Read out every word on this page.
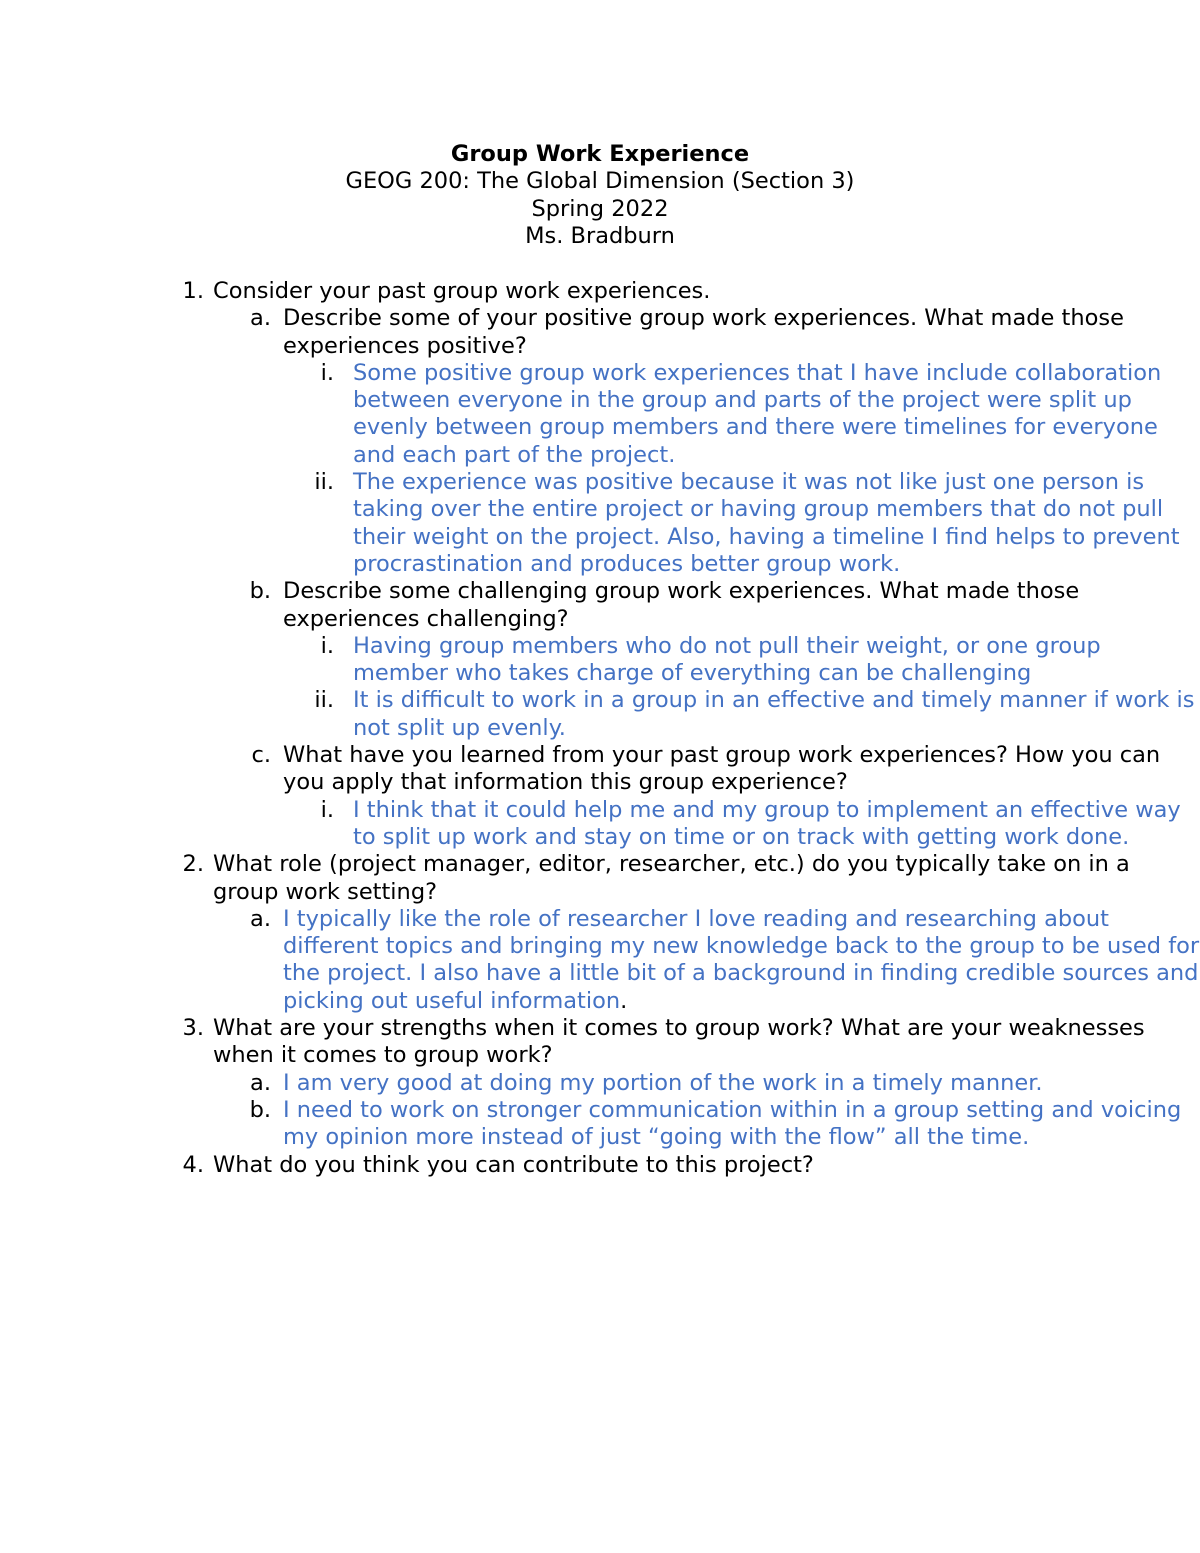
Group Work Experience
GEOG 200: The Global Dimension (Section 3)
Spring 2022
Ms. Bradburn
1. Consider your past group work experiences.
a. Describe some of your positive group work experiences. What made those experiences positive?
i. Some positive group work experiences that I have include collaboration between everyone in the group and parts of the project were split up evenly between group members and there were timelines for everyone and each part of the project.
ii. The experience was positive because it was not like just one person is taking over the entire project or having group members that do not pull their weight on the project. Also, having a timeline I find helps to prevent procrastination and produces better group work.
b. Describe some challenging group work experiences. What made those experiences challenging?
i. Having group members who do not pull their weight, or one group member who takes charge of everything can be challenging
ii. It is difficult to work in a group in an effective and timely manner if work is not split up evenly.
c. What have you learned from your past group work experiences? How you can you apply that information this group experience?
i. I think that it could help me and my group to implement an effective way to split up work and stay on time or on track with getting work done.
2. What role (project manager, editor, researcher, etc.) do you typically take on in a group work setting?
a. I typically like the role of researcher I love reading and researching about different topics and bringing my new knowledge back to the group to be used for the project. I also have a little bit of a background in finding credible sources and picking out useful information.
3. What are your strengths when it comes to group work? What are your weaknesses when it comes to group work?
a. I am very good at doing my portion of the work in a timely manner.
b. I need to work on stronger communication within in a group setting and voicing my opinion more instead of just “going with the flow” all the time.
4. What do you think you can contribute to this project?
